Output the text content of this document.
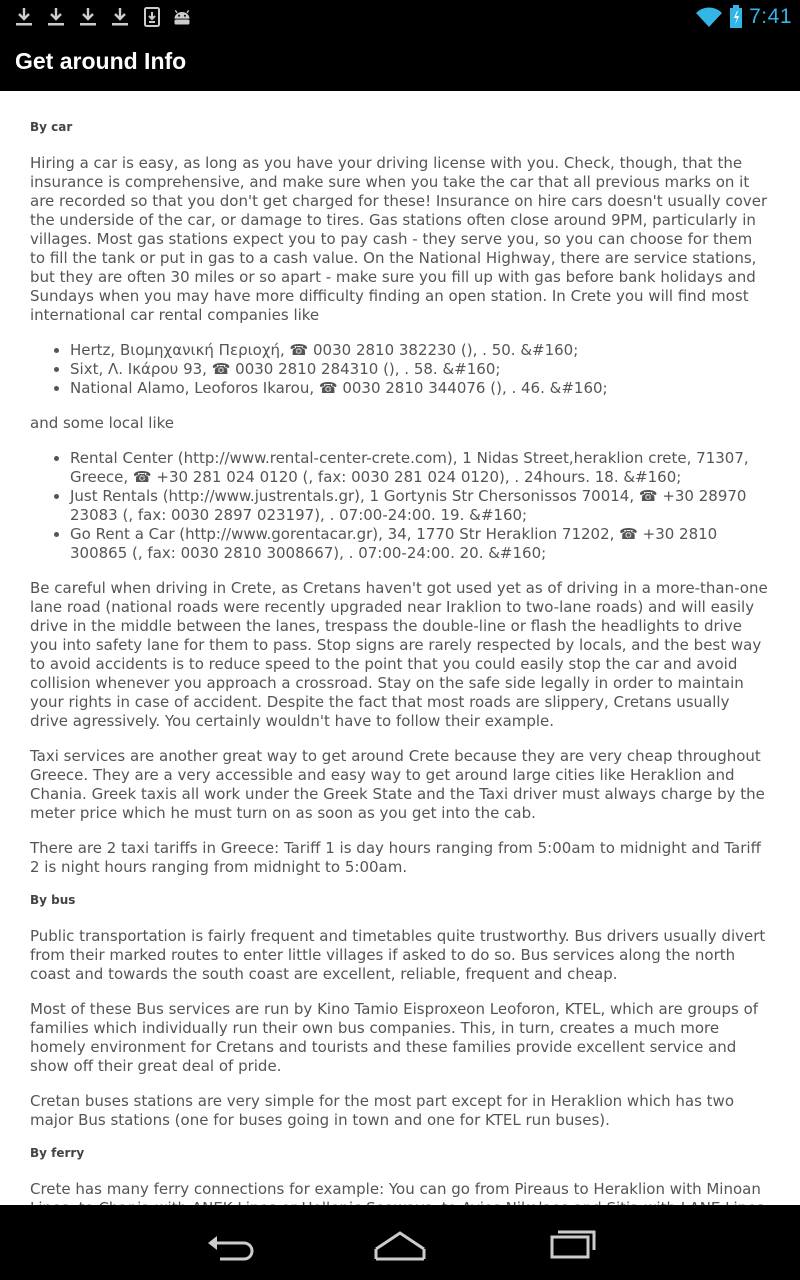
7:41
Get around Info
By car

Hiring a car is easy, as long as you have your driving license with you. Check, though, that the insurance is comprehensive, and make sure when you take the car that all previous marks on it are recorded so that you don't get charged for these! Insurance on hire cars doesn't usually cover the underside of the car, or damage to tires. Gas stations often close around 9PM, particularly in villages. Most gas stations expect you to pay cash - they serve you, so you can choose for them to fill the tank or put in gas to a cash value. On the National Highway, there are service stations, but they are often 30 miles or so apart - make sure you fill up with gas before bank holidays and Sundays when you may have more difficulty finding an open station. In Crete you will find most international car rental companies like

• Hertz, Βιομηχανική Περιοχή, ☎ 0030 2810 382230 (), . 50. &#160;
• Sixt, Λ. Ικάρου 93, ☎ 0030 2810 284310 (), . 58. &#160;
• National Alamo, Leoforos Ikarou, ☎ 0030 2810 344076 (), . 46. &#160;

and some local like

• Rental Center (http://www.rental-center-crete.com), 1 Nidas Street,heraklion crete, 71307, Greece, ☎ +30 281 024 0120 (, fax: 0030 281 024 0120), . 24hours. 18. &#160;
• Just Rentals (http://www.justrentals.gr), 1 Gortynis Str Chersonissos 70014, ☎ +30 28970 23083 (, fax: 0030 2897 023197), . 07:00-24:00. 19. &#160;
• Go Rent a Car (http://www.gorentacar.gr), 34, 1770 Str Heraklion 71202, ☎ +30 2810 300865 (, fax: 0030 2810 3008667), . 07:00-24:00. 20. &#160;

Be careful when driving in Crete, as Cretans haven't got used yet as of driving in a more-than-one lane road (national roads were recently upgraded near Iraklion to two-lane roads) and will easily drive in the middle between the lanes, trespass the double-line or flash the headlights to drive you into safety lane for them to pass. Stop signs are rarely respected by locals, and the best way to avoid accidents is to reduce speed to the point that you could easily stop the car and avoid collision whenever you approach a crossroad. Stay on the safe side legally in order to maintain your rights in case of accident. Despite the fact that most roads are slippery, Cretans usually drive agressively. You certainly wouldn't have to follow their example.

Taxi services are another great way to get around Crete because they are very cheap throughout Greece. They are a very accessible and easy way to get around large cities like Heraklion and Chania. Greek taxis all work under the Greek State and the Taxi driver must always charge by the meter price which he must turn on as soon as you get into the cab.

There are 2 taxi tariffs in Greece: Tariff 1 is day hours ranging from 5:00am to midnight and Tariff 2 is night hours ranging from midnight to 5:00am.

By bus

Public transportation is fairly frequent and timetables quite trustworthy. Bus drivers usually divert from their marked routes to enter little villages if asked to do so. Bus services along the north coast and towards the south coast are excellent, reliable, frequent and cheap.

Most of these Bus services are run by Kino Tamio Eisproxeon Leoforon, KTEL, which are groups of families which individually run their own bus companies. This, in turn, creates a much more homely environment for Cretans and tourists and these families provide excellent service and show off their great deal of pride.

Cretan buses stations are very simple for the most part except for in Heraklion which has two major Bus stations (one for buses going in town and one for KTEL run buses).

By ferry

Crete has many ferry connections for example: You can go from Pireaus to Heraklion with Minoan
